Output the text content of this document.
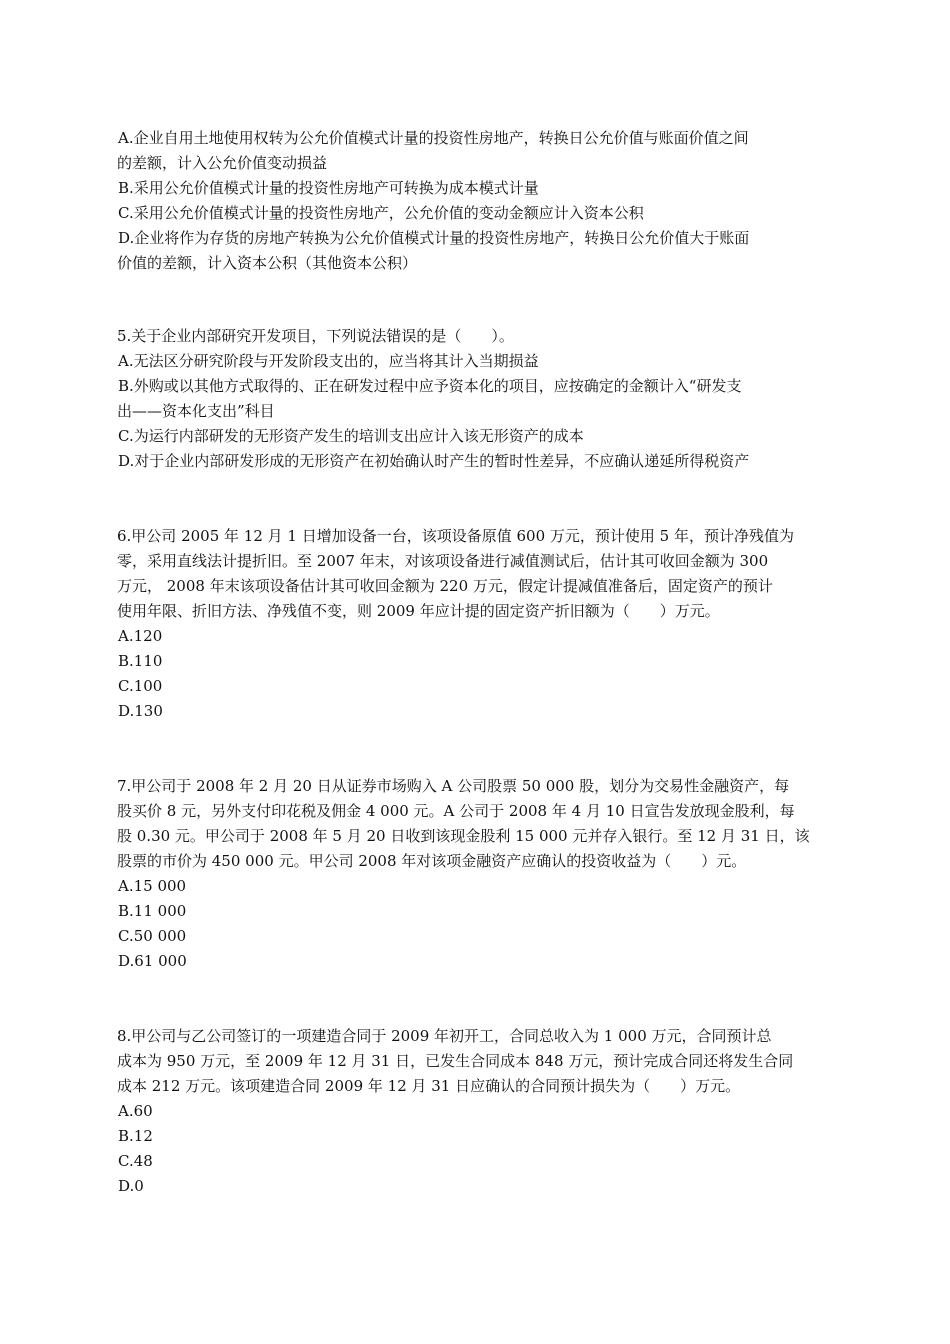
A.企业自用土地使用权转为公允价值模式计量的投资性房地产，转换日公允价值与账面价值之间
的差额，计入公允价值变动损益
B.采用公允价值模式计量的投资性房地产可转换为成本模式计量
C.采用公允价值模式计量的投资性房地产，公允价值的变动金额应计入资本公积
D.企业将作为存货的房地产转换为公允价值模式计量的投资性房地产，转换日公允价值大于账面
价值的差额，计入资本公积（其他资本公积）
5.关于企业内部研究开发项目，下列说法错误的是（　　）。
A.无法区分研究阶段与开发阶段支出的，应当将其计入当期损益
B.外购或以其他方式取得的、正在研发过程中应予资本化的项目，应按确定的金额计入“研发支
出——资本化支出”科目
C.为运行内部研发的无形资产发生的培训支出应计入该无形资产的成本
D.对于企业内部研发形成的无形资产在初始确认时产生的暂时性差异，不应确认递延所得税资产
6.甲公司 2005 年 12 月 1 日增加设备一台，该项设备原值 600 万元，预计使用 5 年，预计净残值为
零，采用直线法计提折旧。至 2007 年末，对该项设备进行减值测试后，估计其可收回金额为 300
万元， 2008 年末该项设备估计其可收回金额为 220 万元，假定计提减值准备后，固定资产的预计
使用年限、折旧方法、净残值不变，则 2009 年应计提的固定资产折旧额为（　　）万元。
A.120
B.110
C.100
D.130
7.甲公司于 2008 年 2 月 20 日从证券市场购入 A 公司股票 50 000 股，划分为交易性金融资产，每
股买价 8 元，另外支付印花税及佣金 4 000 元。A 公司于 2008 年 4 月 10 日宣告发放现金股利，每
股 0.30 元。甲公司于 2008 年 5 月 20 日收到该现金股利 15 000 元并存入银行。至 12 月 31 日，该
股票的市价为 450 000 元。甲公司 2008 年对该项金融资产应确认的投资收益为（　　）元。
A.15 000
B.11 000
C.50 000
D.61 000
8.甲公司与乙公司签订的一项建造合同于 2009 年初开工，合同总收入为 1 000 万元，合同预计总
成本为 950 万元，至 2009 年 12 月 31 日，已发生合同成本 848 万元，预计完成合同还将发生合同
成本 212 万元。该项建造合同 2009 年 12 月 31 日应确认的合同预计损失为（　　）万元。
A.60
B.12
C.48
D.0
